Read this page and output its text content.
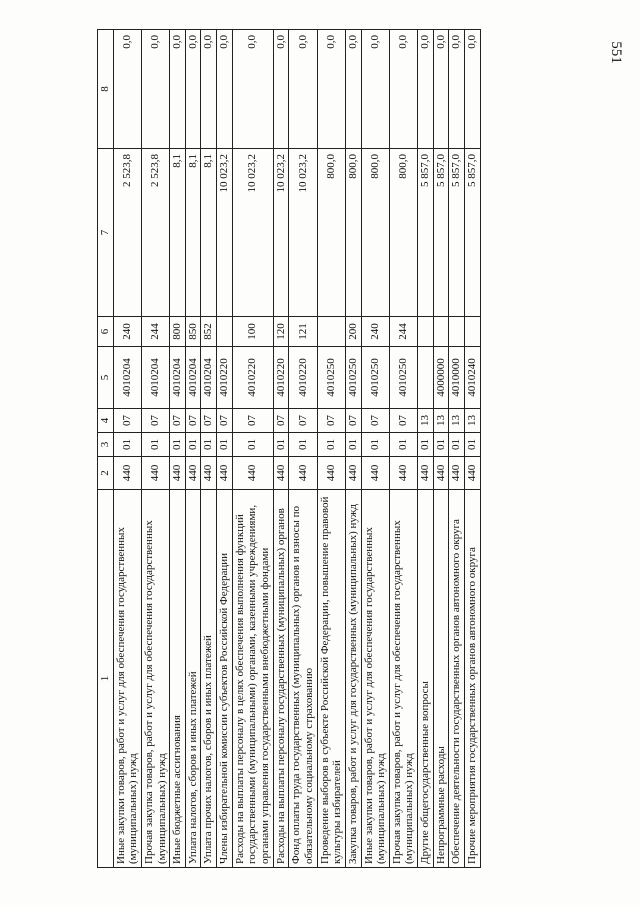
551
1	2	3	4	5	6	7	8
Иные закупки товаров, работ и услуг для обеспечения государственных (муниципальных) нужд	440	01	07	4010204	240	2 523,8	0,0
Прочая закупка товаров, работ и услуг для обеспечения государственных (муниципальных) нужд	440	01	07	4010204	244	2 523,8	0,0
Иные бюджетные ассигнования	440	01	07	4010204	800	8,1	0,0
Уплата налогов, сборов и иных платежей	440	01	07	4010204	850	8,1	0,0
Уплата прочих налогов, сборов и иных платежей	440	01	07	4010204	852	8,1	0,0
Члены избирательной комиссии субъектов Российской Федерации	440	01	07	4010220		10 023,2	0,0
Расходы на выплаты персоналу в целях обеспечения выполнения функций государственными (муниципальными) органами, казенными учреждениями, органами управления государственными внебюджетными фондами	440	01	07	4010220	100	10 023,2	0,0
Расходы на выплаты персоналу государственных (муниципальных) органов	440	01	07	4010220	120	10 023,2	0,0
Фонд оплаты труда государственных (муниципальных) органов и взносы по обязательному социальному страхованию	440	01	07	4010220	121	10 023,2	0,0
Проведение выборов в субъекте Российской Федерации, повышение правовой культуры избирателей	440	01	07	4010250		800,0	0,0
Закупка товаров, работ и услуг для государственных (муниципальных) нужд	440	01	07	4010250	200	800,0	0,0
Иные закупки товаров, работ и услуг для обеспечения государственных (муниципальных) нужд	440	01	07	4010250	240	800,0	0,0
Прочая закупка товаров, работ и услуг для обеспечения государственных (муниципальных) нужд	440	01	07	4010250	244	800,0	0,0
Другие общегосударственные вопросы	440	01	13			5 857,0	0,0
Непрограммные расходы	440	01	13	4000000		5 857,0	0,0
Обеспечение деятельности государственных органов автономного округа	440	01	13	4010000		5 857,0	0,0
Прочие мероприятия государственных органов автономного округа	440	01	13	4010240		5 857,0	0,0
